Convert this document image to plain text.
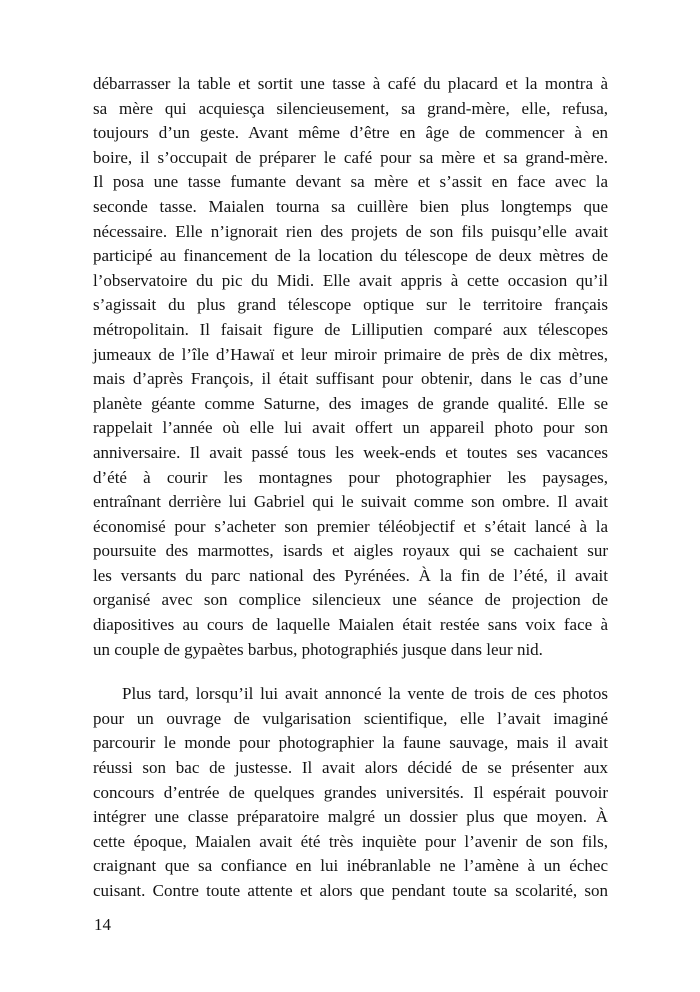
débarrasser la table et sortit une tasse à café du placard et la montra à
sa mère qui acquiesça silencieusement, sa grand-mère, elle, refusa,
toujours d’un geste. Avant même d’être en âge de commencer à en
boire, il s’occupait de préparer le café pour sa mère et sa grand-mère.
Il posa une tasse fumante devant sa mère et s’assit en face avec la
seconde tasse. Maialen tourna sa cuillère bien plus longtemps que
nécessaire. Elle n’ignorait rien des projets de son fils puisqu’elle avait
participé au financement de la location du télescope de deux mètres de
l’observatoire du pic du Midi. Elle avait appris à cette occasion qu’il
s’agissait du plus grand télescope optique sur le territoire français
métropolitain. Il faisait figure de Lilliputien comparé aux télescopes
jumeaux de l’île d’Hawaï et leur miroir primaire de près de dix mètres,
mais d’après François, il était suffisant pour obtenir, dans le cas d’une
planète géante comme Saturne, des images de grande qualité. Elle se
rappelait l’année où elle lui avait offert un appareil photo pour son
anniversaire. Il avait passé tous les week-ends et toutes ses vacances
d’été à courir les montagnes pour photographier les paysages,
entraînant derrière lui Gabriel qui le suivait comme son ombre. Il avait
économisé pour s’acheter son premier téléobjectif et s’était lancé à la
poursuite des marmottes, isards et aigles royaux qui se cachaient sur
les versants du parc national des Pyrénées. À la fin de l’été, il avait
organisé avec son complice silencieux une séance de projection de
diapositives au cours de laquelle Maialen était restée sans voix face à
un couple de gypaètes barbus, photographiés jusque dans leur nid.
Plus tard, lorsqu’il lui avait annoncé la vente de trois de ces photos
pour un ouvrage de vulgarisation scientifique, elle l’avait imaginé
parcourir le monde pour photographier la faune sauvage, mais il avait
réussi son bac de justesse. Il avait alors décidé de se présenter aux
concours d’entrée de quelques grandes universités. Il espérait pouvoir
intégrer une classe préparatoire malgré un dossier plus que moyen. À
cette époque, Maialen avait été très inquiète pour l’avenir de son fils,
craignant que sa confiance en lui inébranlable ne l’amène à un échec
cuisant. Contre toute attente et alors que pendant toute sa scolarité, son
14
